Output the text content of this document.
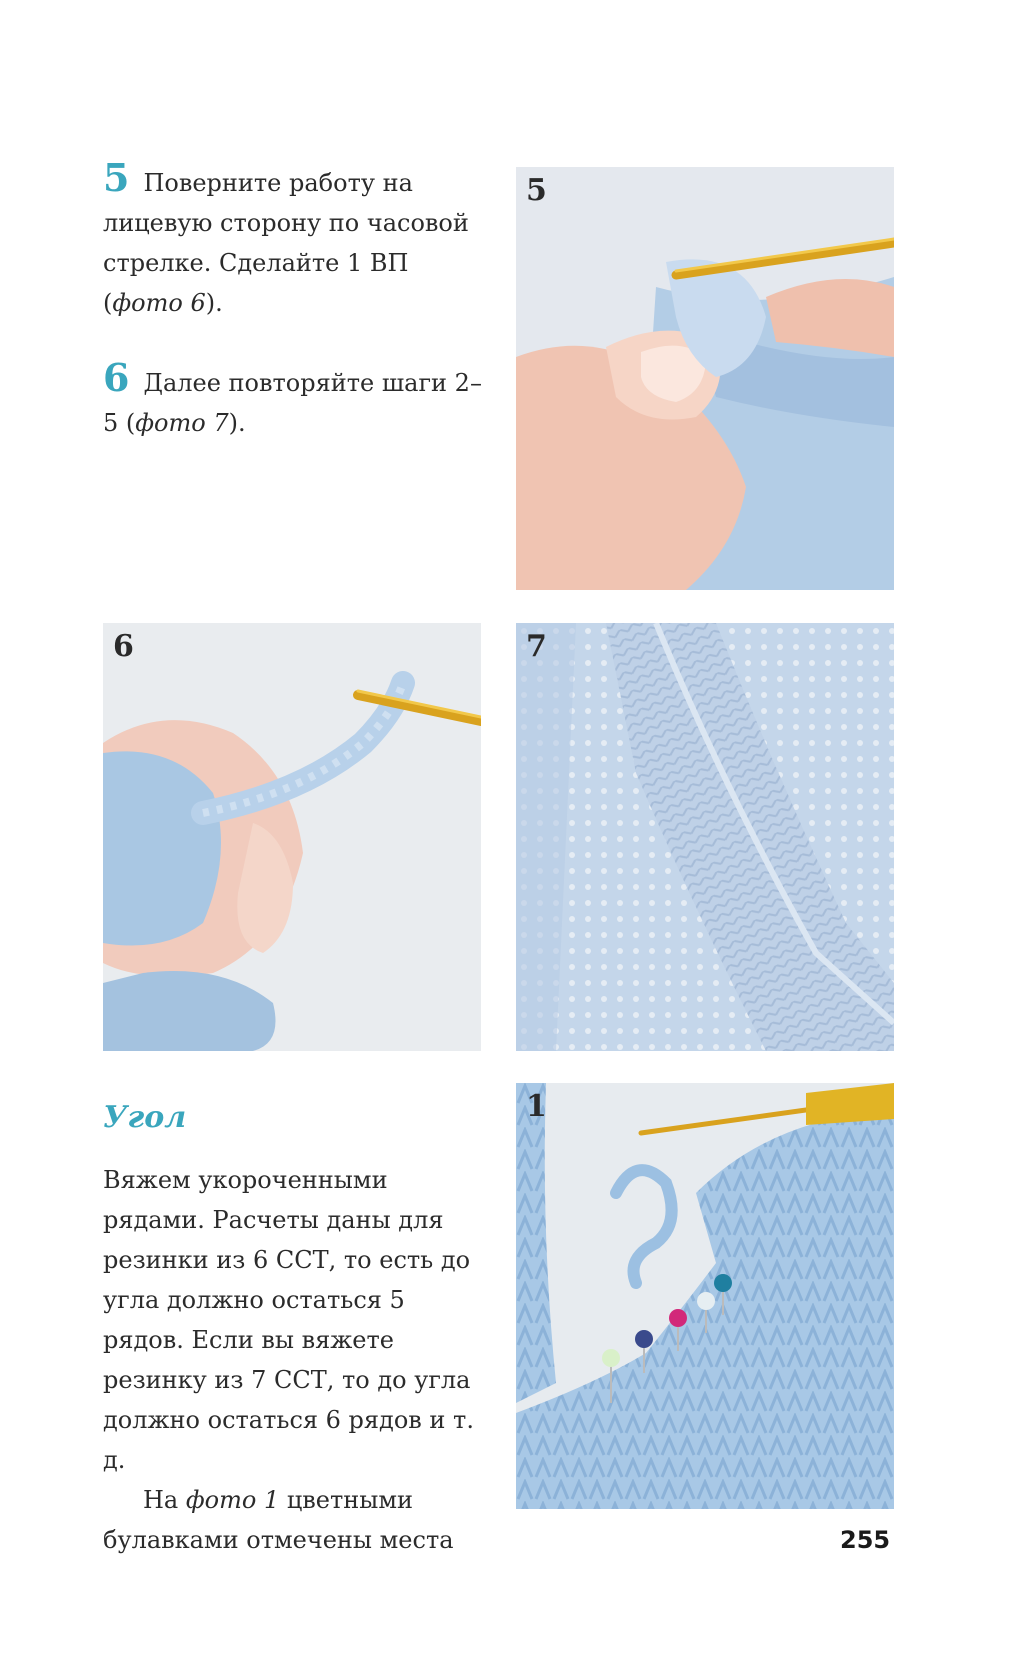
5 Поверните работу на лицевую сторону по часовой стрелке. Сделайте 1 ВП (фото 6).
6 Далее повторяйте шаги 2–5 (фото 7).
5
6	7
Угол

Вяжем укороченными рядами. Расчеты даны для резинки из 6 ССТ, то есть до угла должно остаться 5 рядов. Если вы вяжете резинку из 7 ССТ, то до угла должно остаться 6 рядов и т. д.

На фото 1 цветными булавками отмечены места

1
255
